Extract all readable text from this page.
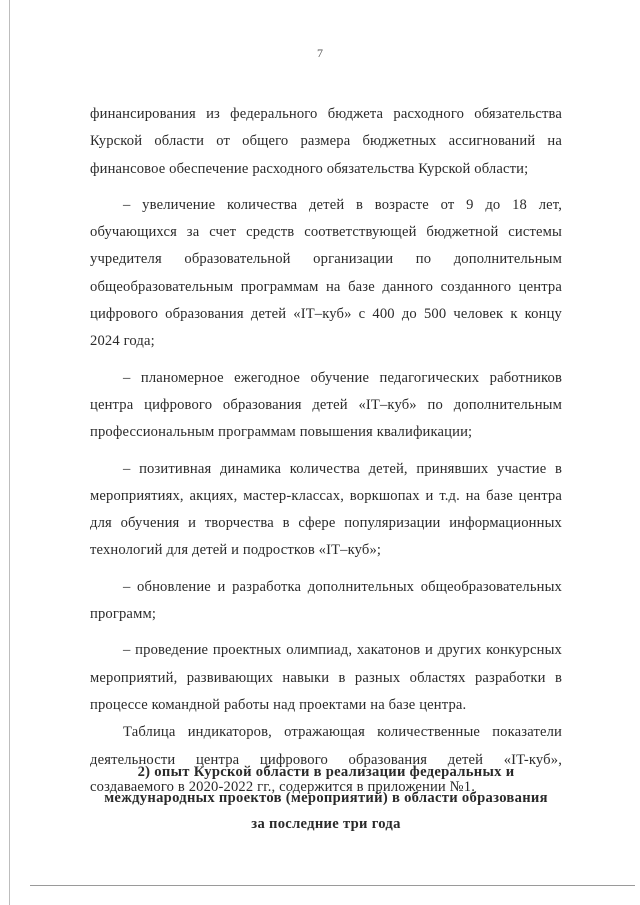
7

финансирования из федерального бюджета расходного обязательства Курской области от общего размера бюджетных ассигнований на финансовое обеспечение расходного обязательства Курской области;

– увеличение количества детей в возрасте от 9 до 18 лет, обучающихся за счет средств соответствующей бюджетной системы учредителя образовательной организации по дополнительным общеобразовательным программам на базе данного созданного центра цифрового образования детей «IT–куб» с 400 до 500 человек к концу 2024 года;

– планомерное ежегодное обучение педагогических работников центра цифрового образования детей «IT–куб» по дополнительным профессиональным программам повышения квалификации;

– позитивная динамика количества детей, принявших участие в мероприятиях, акциях, мастер-классах, воркшопах и т.д. на базе центра для обучения и творчества в сфере популяризации информационных технологий для детей и подростков «IT–куб»;

– обновление и разработка дополнительных общеобразовательных программ;

– проведение проектных олимпиад, хакатонов и других конкурсных мероприятий, развивающих навыки в разных областях разработки в процессе командной работы над проектами на базе центра.

Таблица индикаторов, отражающая количественные показатели деятельности центра цифрового образования детей «IT-куб», создаваемого в 2020-2022 гг., содержится в приложении №1.

2) опыт Курской области в реализации федеральных и международных проектов (мероприятий) в области образования за последние три года
